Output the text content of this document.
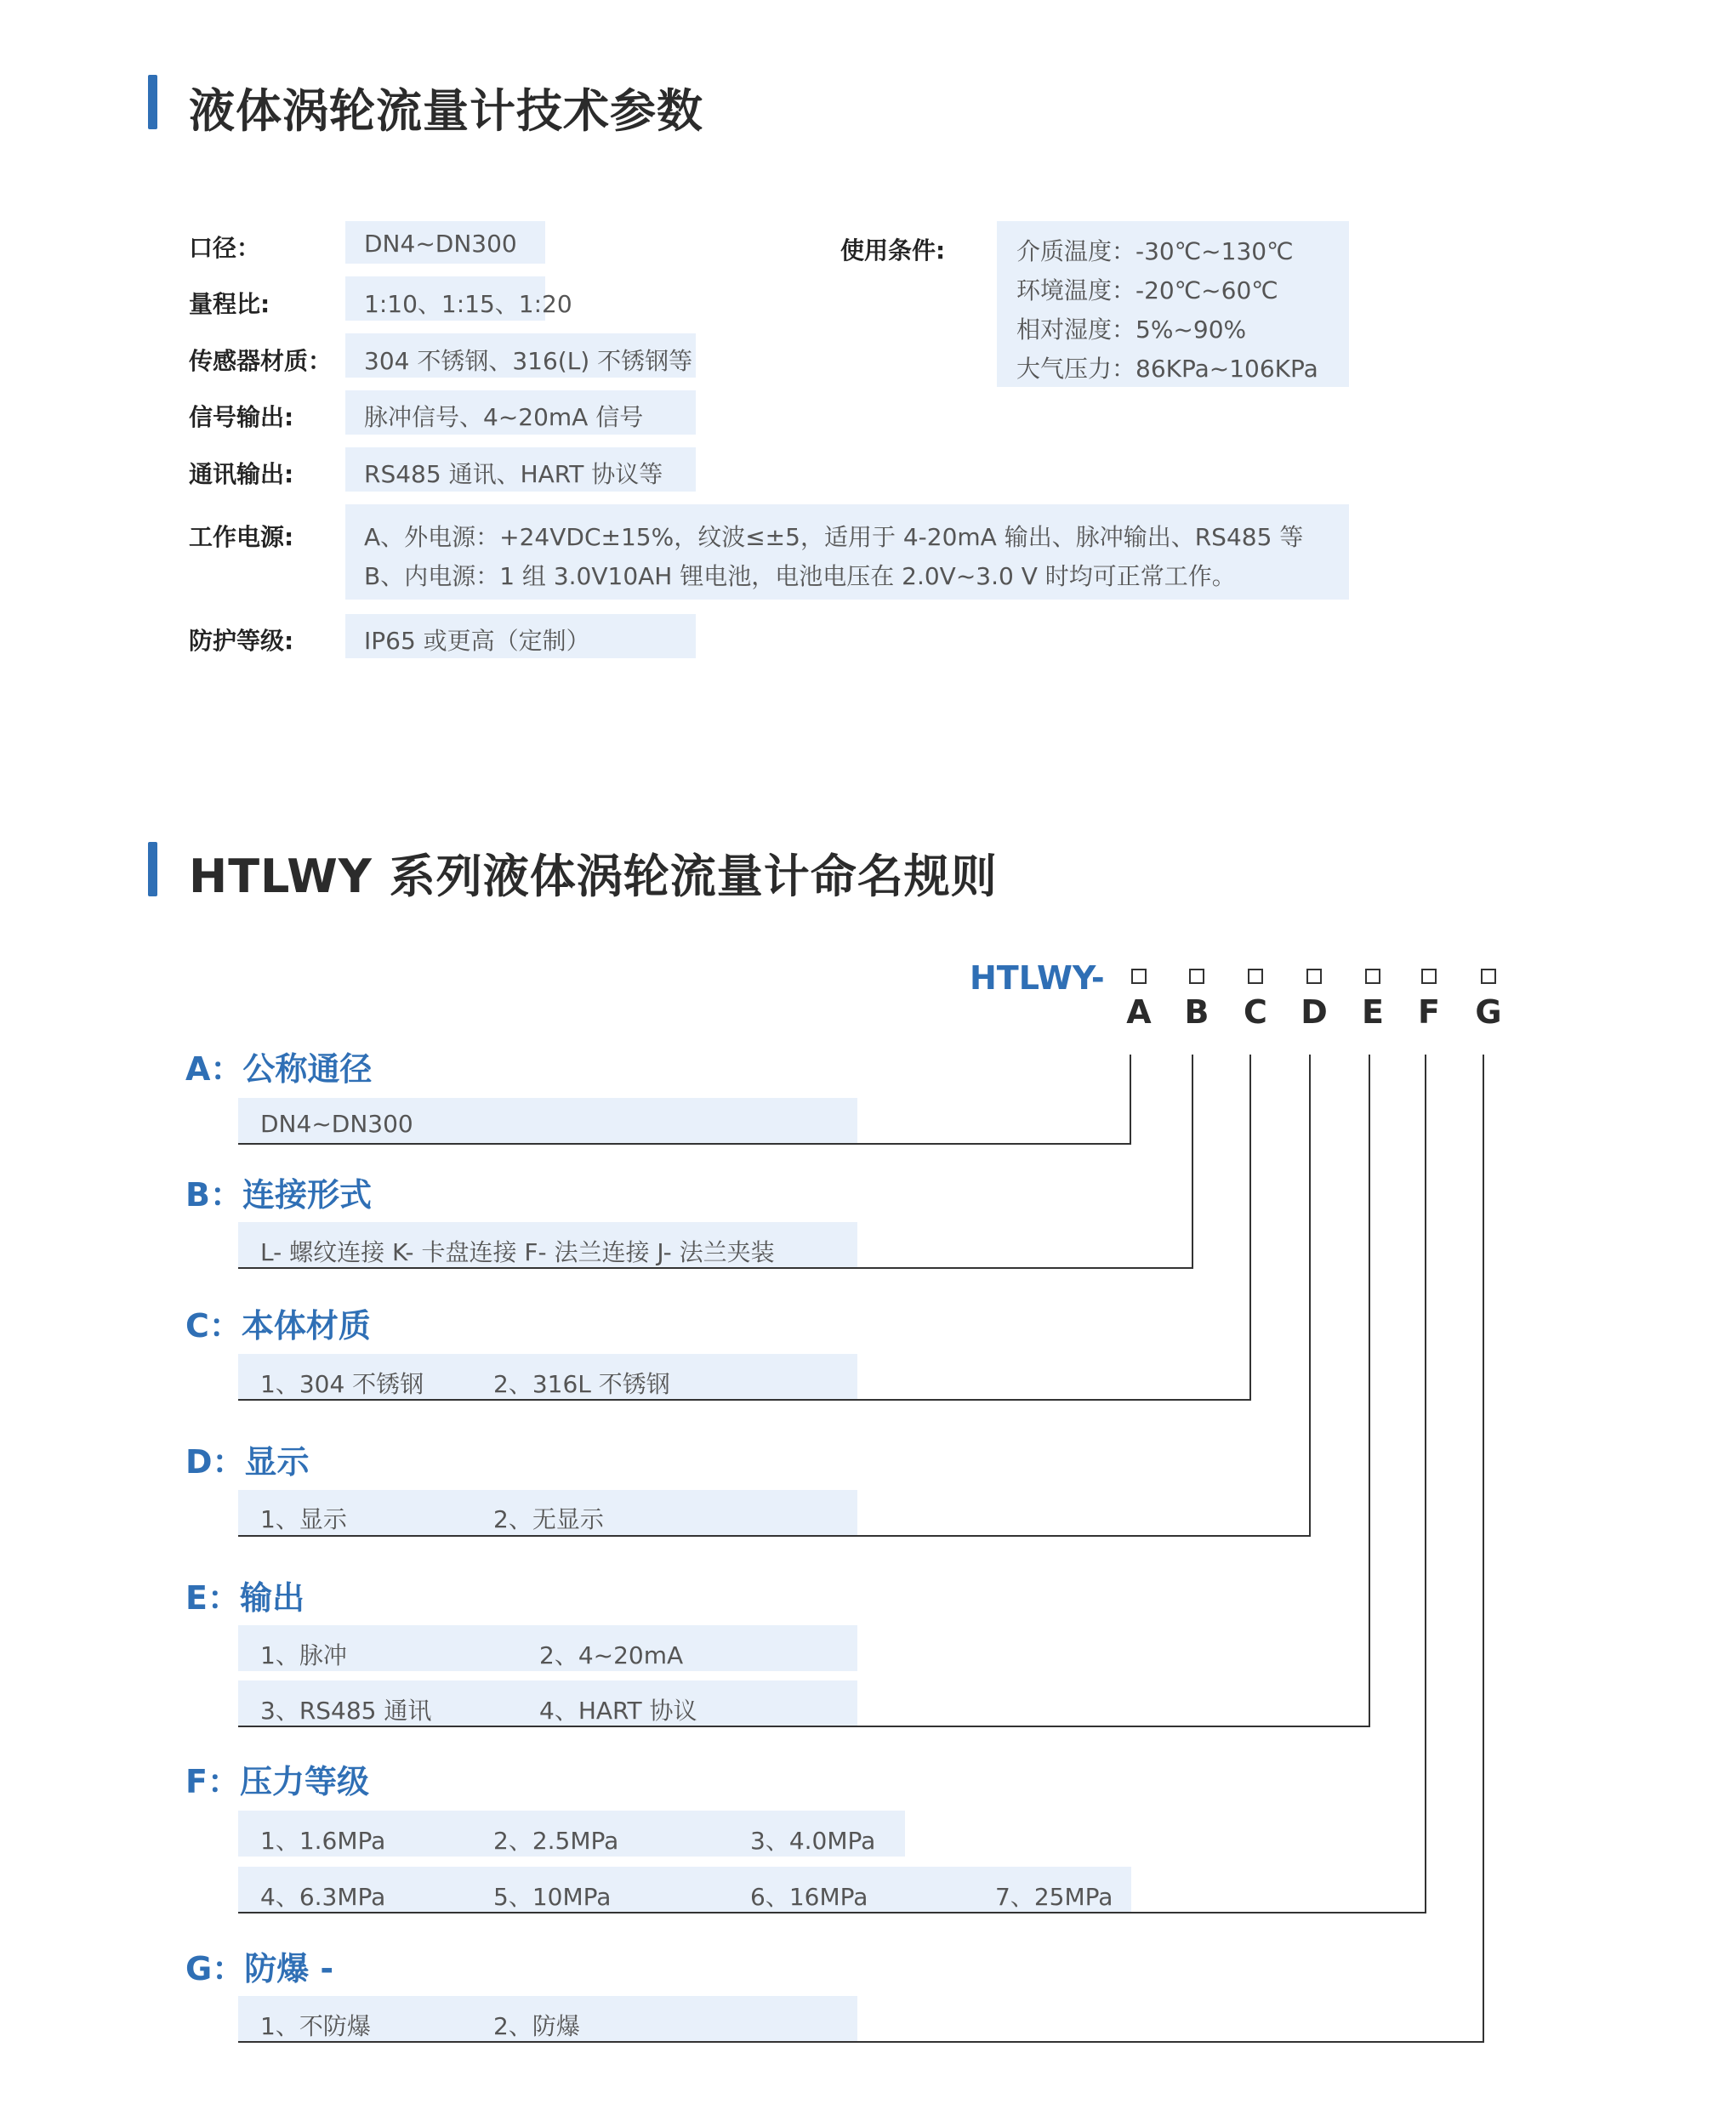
液体涡轮流量计技术参数
口径：	DN4~DN300
量程比:	1:10、1:15、1:20
传感器材质： 304 不锈钢、316(L) 不锈钢等
信号输出:	脉冲信号、4~20mA 信号
通讯输出:	RS485 通讯、HART 协议等
工作电源:	A、外电源：+24VDC±15%，纹波≤±5，适用于 4-20mA 输出、脉冲输出、RS485 等
B、内电源：1 组 3.0V10AH 锂电池，电池电压在 2.0V~3.0 V 时均可正常工作。
防护等级:	IP65 或更高（定制）
使用条件:	介质温度：-30℃~130℃
环境温度：-20℃~60℃
相对湿度：5%~90%
大气压力：86KPa~106KPa
HTLWY 系列液体涡轮流量计命名规则
HTLWY-
A B C D E F G
A：公称通径
DN4~DN300
B：连接形式
L- 螺纹连接 K- 卡盘连接 F- 法兰连接 J- 法兰夹装
C：本体材质
1、304 不锈钢	2、316L 不锈钢
D：显示
1、显示	2、无显示
E：输出
1、脉冲	2、4~20mA
3、RS485 通讯	4、HART 协议
F：压力等级
1、1.6MPa	2、2.5MPa	3、4.0MPa
4、6.3MPa	5、10MPa	6、16MPa	7、25MPa
G：防爆 -
1、不防爆	2、防爆
